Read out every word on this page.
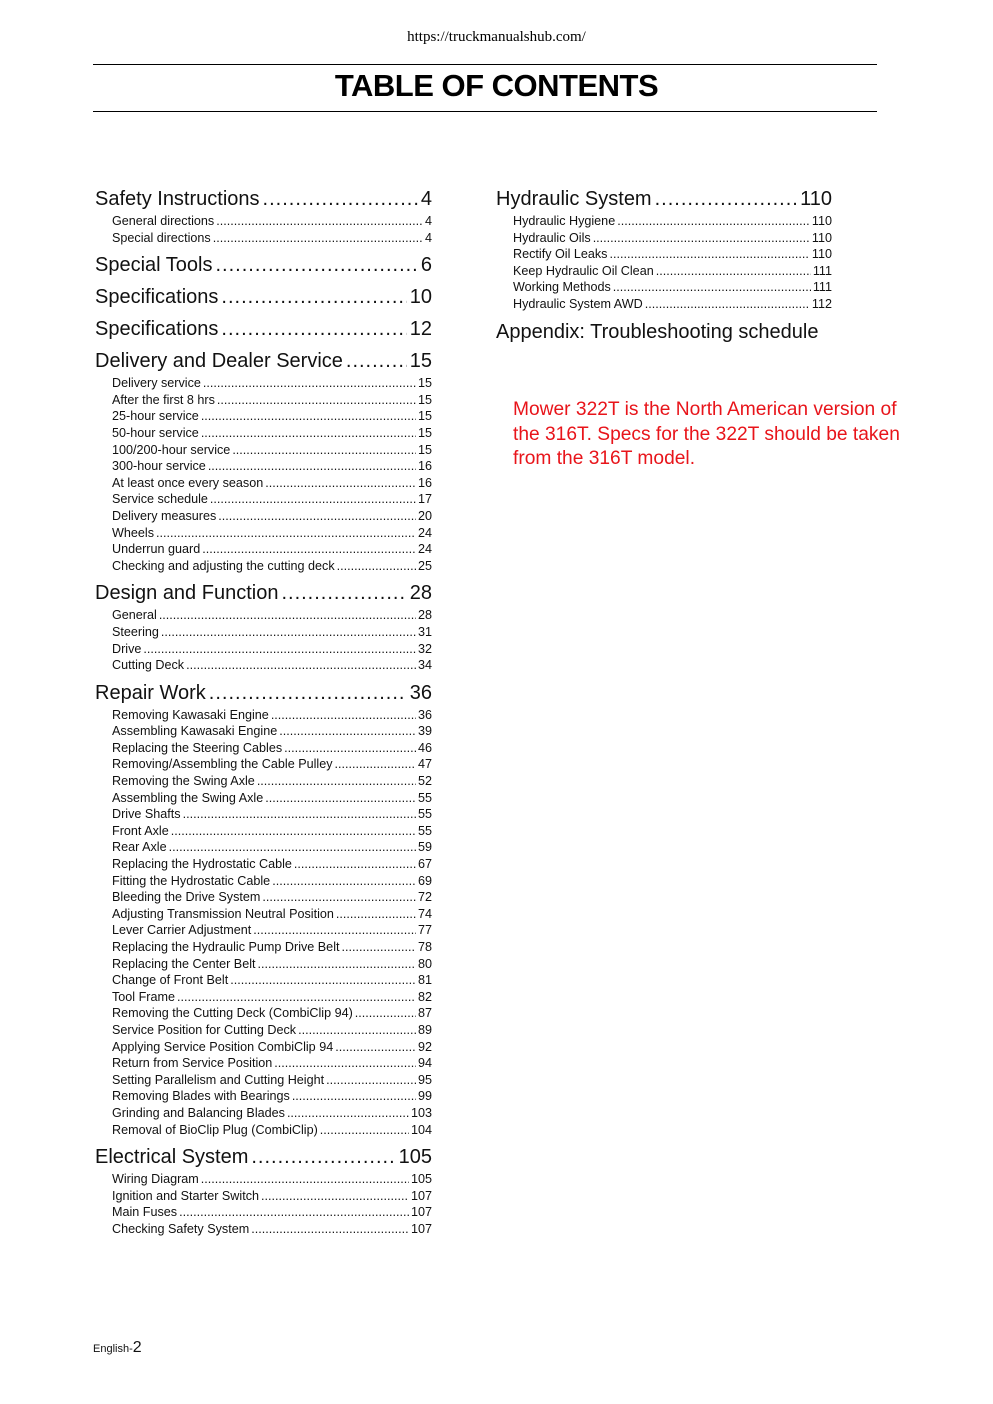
https://truckmanualshub.com/
TABLE OF CONTENTS
Safety Instructions .....	4
General directions .....	4
Special directions .....	4
Special Tools .....	6
Specifications .....	10
Specifications .....	12
Delivery and Dealer Service .....	15
Delivery service .....	15
After the first 8 hrs .....	15
25-hour service .....	15
50-hour service .....	15
100/200-hour service .....	15
300-hour service .....	16
At least once every season .....	16
Service schedule .....	17
Delivery measures .....	20
Wheels .....	24
Underrun guard .....	24
Checking and adjusting the cutting deck .....	25
Design and Function .....	28
General .....	28
Steering .....	31
Drive .....	32
Cutting Deck .....	34
Repair Work .....	36
Removing Kawasaki Engine .....	36
Assembling Kawasaki Engine .....	39
Replacing the Steering Cables .....	46
Removing/Assembling the Cable Pulley .....	47
Removing the Swing Axle .....	52
Assembling the Swing Axle .....	55
Drive Shafts .....	55
Front Axle .....	55
Rear Axle .....	59
Replacing the Hydrostatic Cable .....	67
Fitting the Hydrostatic Cable .....	69
Bleeding the Drive System .....	72
Adjusting Transmission Neutral Position .....	74
Lever Carrier Adjustment .....	77
Replacing the Hydraulic Pump Drive Belt .....	78
Replacing the Center Belt .....	80
Change of Front Belt .....	81
Tool Frame .....	82
Removing the Cutting Deck (CombiClip 94) .....	87
Service Position for Cutting Deck .....	89
Applying Service Position CombiClip 94 .....	92
Return from Service Position .....	94
Setting Parallelism and Cutting Height .....	95
Removing Blades with Bearings .....	99
Grinding and Balancing Blades .....	103
Removal of BioClip Plug (CombiClip) .....	104
Electrical System .....	105
Wiring Diagram .....	105
Ignition and Starter Switch .....	107
Main Fuses .....	107
Checking Safety System .....	107
Hydraulic System .....	110
Hydraulic Hygiene .....	110
Hydraulic Oils .....	110
Rectify Oil Leaks .....	110
Keep Hydraulic Oil Clean .....	111
Working Methods .....	111
Hydraulic System AWD .....	112
Appendix: Troubleshooting schedule
Mower 322T is the North American version of the 316T. Specs for the 322T should be taken from the 316T model.
English-2
